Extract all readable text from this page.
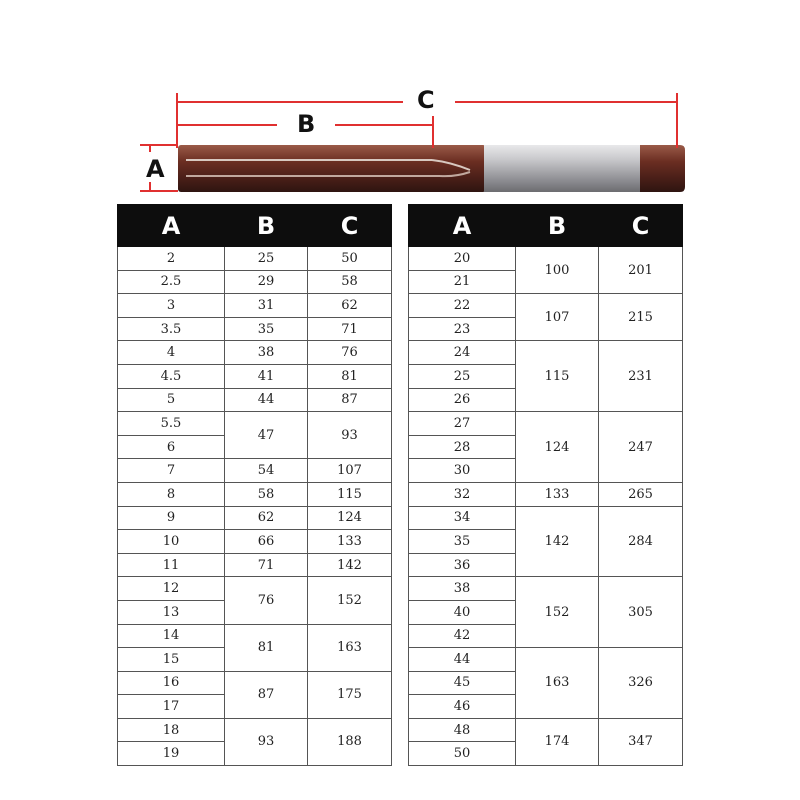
C
B
A
A	B	C
2	25	50
2.5	29	58
3	31	62
3.5	35	71
4	38	76
4.5	41	81
5	44	87
5.5	47	93
6		
7	54	107
8	58	115
9	62	124
10	66	133
11	71	142
12	76	152
13		
14	81	163
15		
16	87	175
17		
18	93	188
19		
A	B	C
20	100	201
21		
22	107	215
23		
24	115	231
25		
26		
27	124	247
28		
30		
32	133	265
34	142	284
35		
36		
38	152	305
40		
42		
44	163	326
45		
46		
48	174	347
50		
